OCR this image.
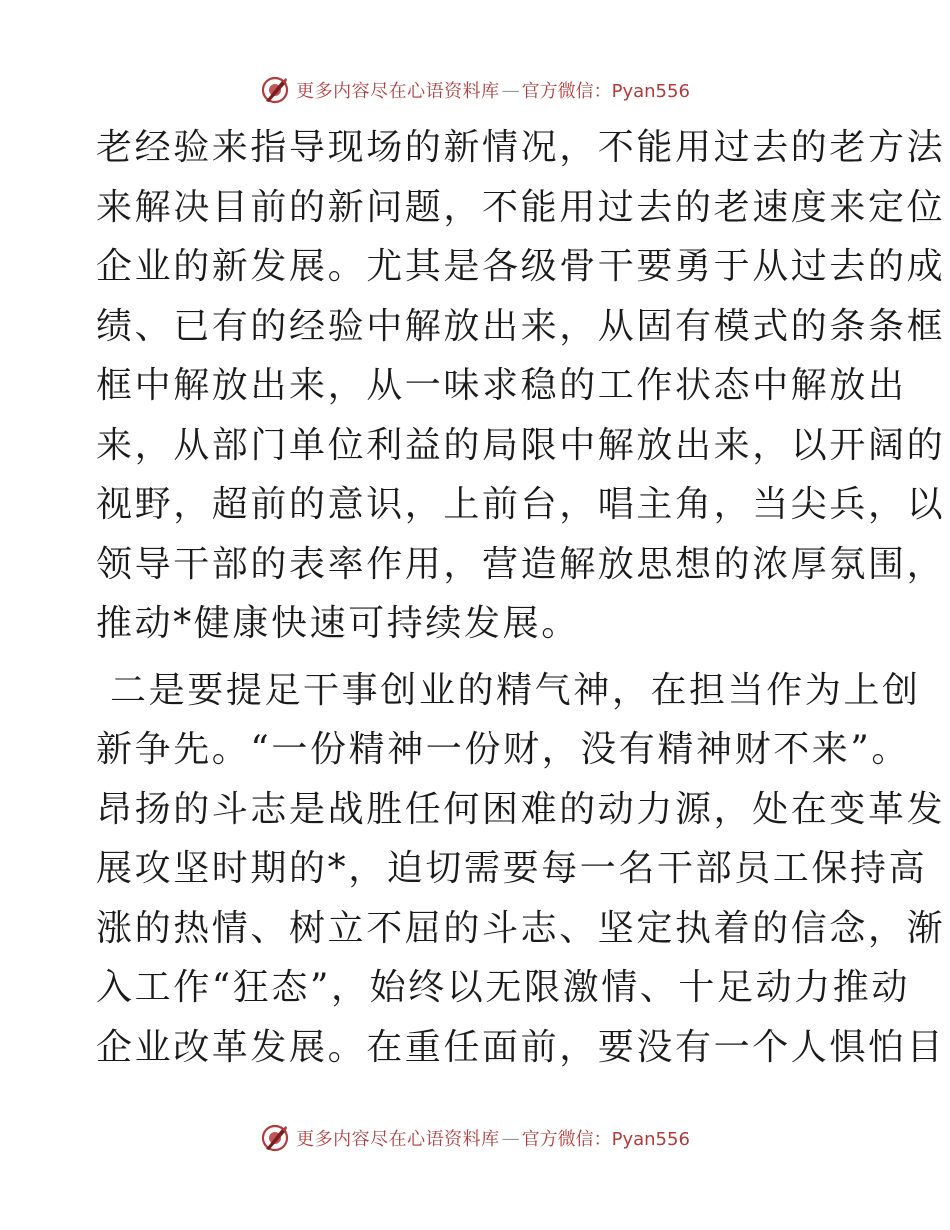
更多内容尽在心语资料库 — 官方微信：Pyan556

老经验来指导现场的新情况，不能用过去的老方法
来解决目前的新问题，不能用过去的老速度来定位
企业的新发展。尤其是各级骨干要勇于从过去的成
绩、已有的经验中解放出来，从固有模式的条条框
框中解放出来，从一味求稳的工作状态中解放出
来，从部门单位利益的局限中解放出来，以开阔的
视野，超前的意识，上前台，唱主角，当尖兵，以
领导干部的表率作用，营造解放思想的浓厚氛围，
推动*健康快速可持续发展。

二是要提足干事创业的精气神，在担当作为上创
新争先。“一份精神一份财，没有精神财不来”。
昂扬的斗志是战胜任何困难的动力源，处在变革发
展攻坚时期的*，迫切需要每一名干部员工保持高
涨的热情、树立不屈的斗志、坚定执着的信念，渐
入工作“狂态”，始终以无限激情、十足动力推动
企业改革发展。在重任面前，要没有一个人惧怕目

更多内容尽在心语资料库 — 官方微信：Pyan556
